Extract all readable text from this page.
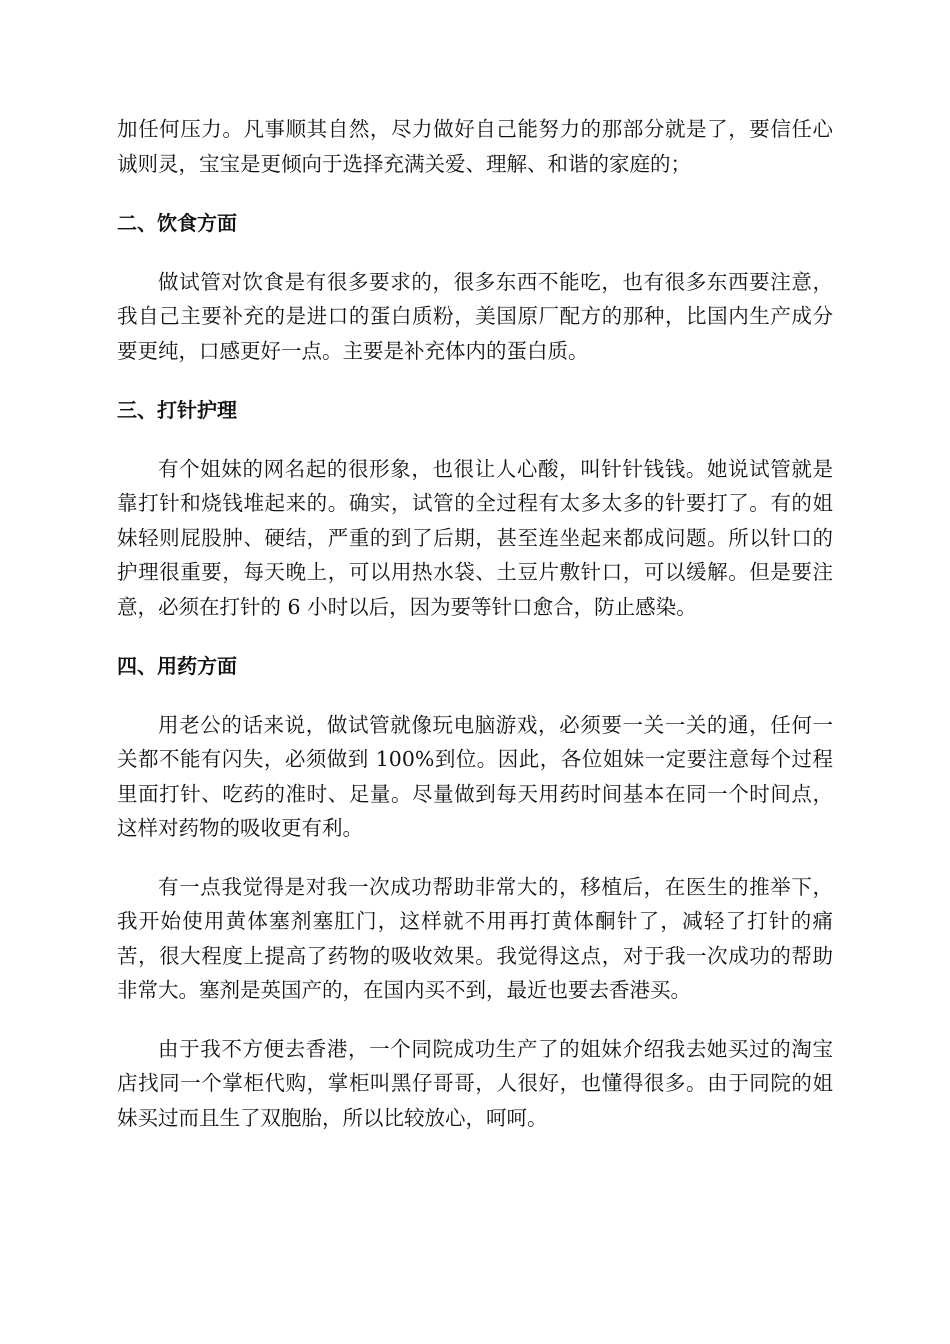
加任何压力。凡事顺其自然，尽力做好自己能努力的那部分就是了，要信任心诚则灵，宝宝是更倾向于选择充满关爱、理解、和谐的家庭的；

二、饮食方面

做试管对饮食是有很多要求的，很多东西不能吃，也有很多东西要注意，我自己主要补充的是进口的蛋白质粉，美国原厂配方的那种，比国内生产成分要更纯，口感更好一点。主要是补充体内的蛋白质。

三、打针护理

有个姐妹的网名起的很形象，也很让人心酸，叫针针钱钱。她说试管就是靠打针和烧钱堆起来的。确实，试管的全过程有太多太多的针要打了。有的姐妹轻则屁股肿、硬结，严重的到了后期，甚至连坐起来都成问题。所以针口的护理很重要，每天晚上，可以用热水袋、土豆片敷针口，可以缓解。但是要注意，必须在打针的 6 小时以后，因为要等针口愈合，防止感染。

四、用药方面

用老公的话来说，做试管就像玩电脑游戏，必须要一关一关的通，任何一关都不能有闪失，必须做到 100%到位。因此，各位姐妹一定要注意每个过程里面打针、吃药的准时、足量。尽量做到每天用药时间基本在同一个时间点，这样对药物的吸收更有利。

有一点我觉得是对我一次成功帮助非常大的，移植后，在医生的推举下，我开始使用黄体塞剂塞肛门，这样就不用再打黄体酮针了，减轻了打针的痛苦，很大程度上提高了药物的吸收效果。我觉得这点，对于我一次成功的帮助非常大。塞剂是英国产的，在国内买不到，最近也要去香港买。

由于我不方便去香港，一个同院成功生产了的姐妹介绍我去她买过的淘宝店找同一个掌柜代购，掌柜叫黑仔哥哥，人很好，也懂得很多。由于同院的姐妹买过而且生了双胞胎，所以比较放心，呵呵。
